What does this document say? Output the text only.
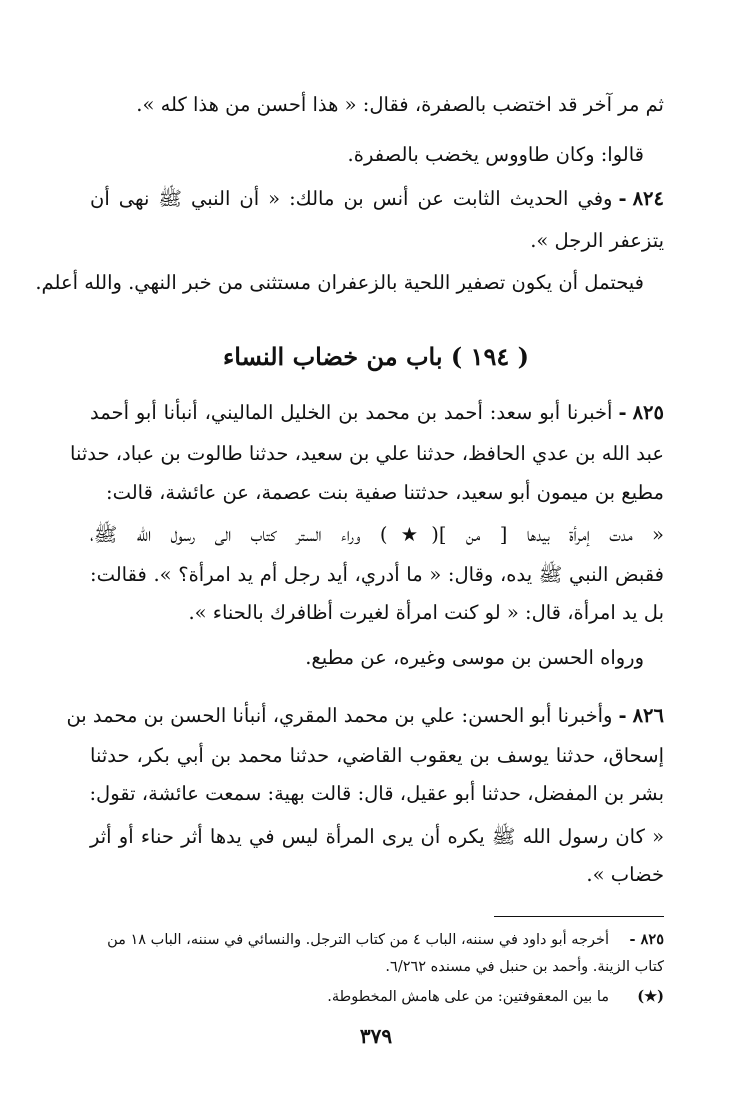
ثم مر آخر قد اختضب بالصفرة، فقال: « هذا أحسن من هذا كله ».
قالوا: وكان طاووس يخضب بالصفرة.
٨٢٤-وفي الحديث الثابت عن أنس بن مالك: « أن النبي ﷺ نهى أن
يتزعفر الرجل ».
فيحتمل أن يكون تصفير اللحية بالزعفران مستثنى من خبر النهي. والله أعلم.
( ١٩٤ ) باب من خضاب النساء
٨٢٥-أخبرنا أبو سعد: أحمد بن محمد بن الخليل الماليني، أنبأنا أبو أحمد
عبد الله بن عدي الحافظ، حدثنا علي بن سعيد، حدثنا طالوت بن عباد، حدثنا
مطيع بن ميمون أبو سعيد، حدثتنا صفية بنت عصمة، عن عائشة، قالت:
« مدت إمرأة بيدها [ من ](★) وراء الستر كتاب الى رسول الله ﷺ،
فقبض النبي ﷺ يده، وقال: « ما أدري، أيد رجل أم يد امرأة؟ ». فقالت:
بل يد امرأة، قال: « لو كنت امرأة لغيرت أظافرك بالحناء ».
ورواه الحسن بن موسى وغيره، عن مطيع.
٨٢٦-وأخبرنا أبو الحسن: علي بن محمد المقري، أنبأنا الحسن بن محمد بن
إسحاق، حدثنا يوسف بن يعقوب القاضي، حدثنا محمد بن أبي بكر، حدثنا
بشر بن المفضل، حدثنا أبو عقيل، قال: قالت بهية: سمعت عائشة، تقول:
« كان رسول الله ﷺ يكره أن يرى المرأة ليس في يدها أثر حناء أو أثر
خضاب ».
٨٢٥ -أخرجه أبو داود في سننه، الباب ٤ من كتاب الترجل. والنسائي في سننه، الباب ١٨ من
كتاب الزينة. وأحمد بن حنبل في مسنده ٦/٢٦٢.
(★)ما بين المعقوفتين: من على هامش المخطوطة.
٣٧٩
